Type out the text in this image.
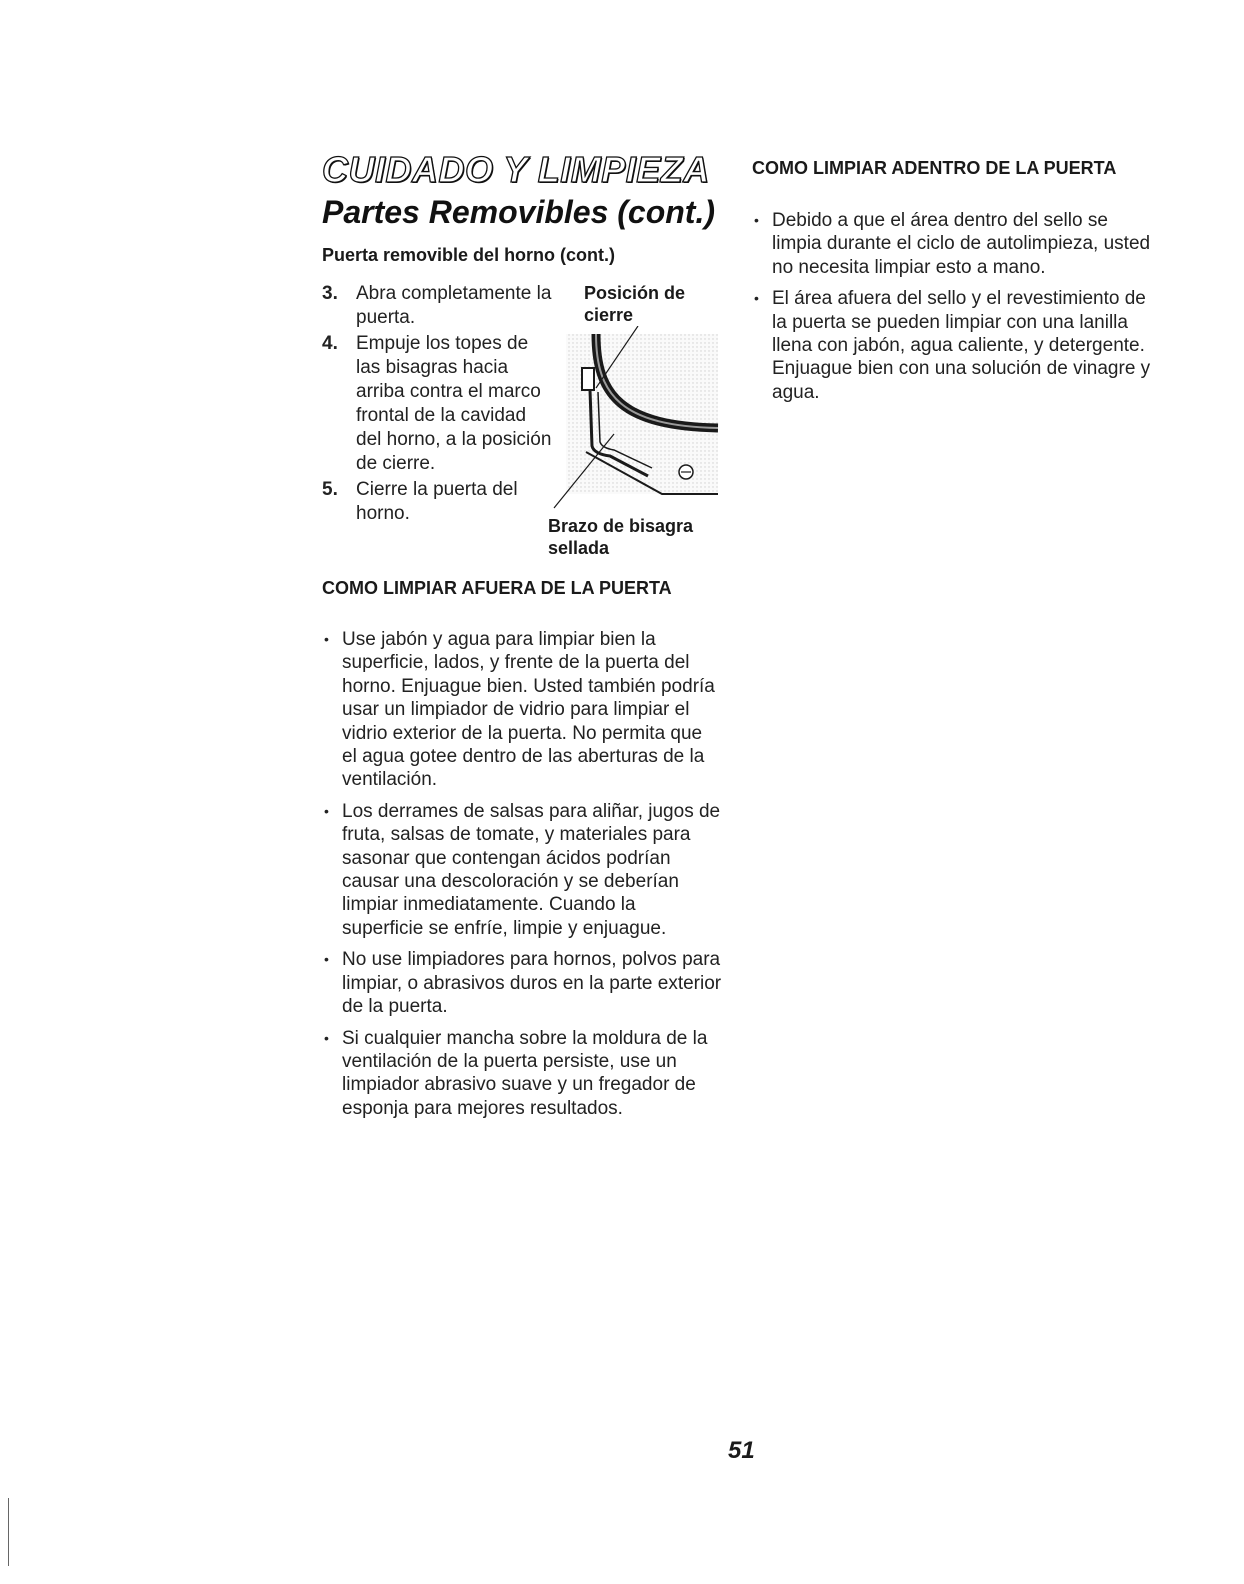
CUIDADO Y LIMPIEZA
Partes Removibles (cont.)
Puerta removible del horno (cont.)
3. Abra completamente la puerta.
4. Empuje los topes de las bisagras hacia arriba contra el marco frontal de la cavidad del horno, a la posición de cierre.
5. Cierre la puerta del horno.

Posición de cierre

Brazo de bisagra sellada

COMO LIMPIAR AFUERA DE LA PUERTA
• Use jabón y agua para limpiar bien la superficie, lados, y frente de la puerta del horno. Enjuague bien. Usted también podría usar un limpiador de vidrio para limpiar el vidrio exterior de la puerta. No permita que el agua gotee dentro de las aberturas de la ventilación.
• Los derrames de salsas para aliñar, jugos de fruta, salsas de tomate, y materiales para sasonar que contengan ácidos podrían causar una descoloración y se deberían limpiar inmediatamente. Cuando la superficie se enfríe, limpie y enjuague.
• No use limpiadores para hornos, polvos para limpiar, o abrasivos duros en la parte exterior de la puerta.
• Si cualquier mancha sobre la moldura de la ventilación de la puerta persiste, use un limpiador abrasivo suave y un fregador de esponja para mejores resultados.
COMO LIMPIAR ADENTRO DE LA PUERTA
• Debido a que el área dentro del sello se limpia durante el ciclo de autolimpieza, usted no necesita limpiar esto a mano.
• El área afuera del sello y el revestimiento de la puerta se pueden limpiar con una lanilla llena con jabón, agua caliente, y detergente. Enjuague bien con una solución de vinagre y agua.

51
